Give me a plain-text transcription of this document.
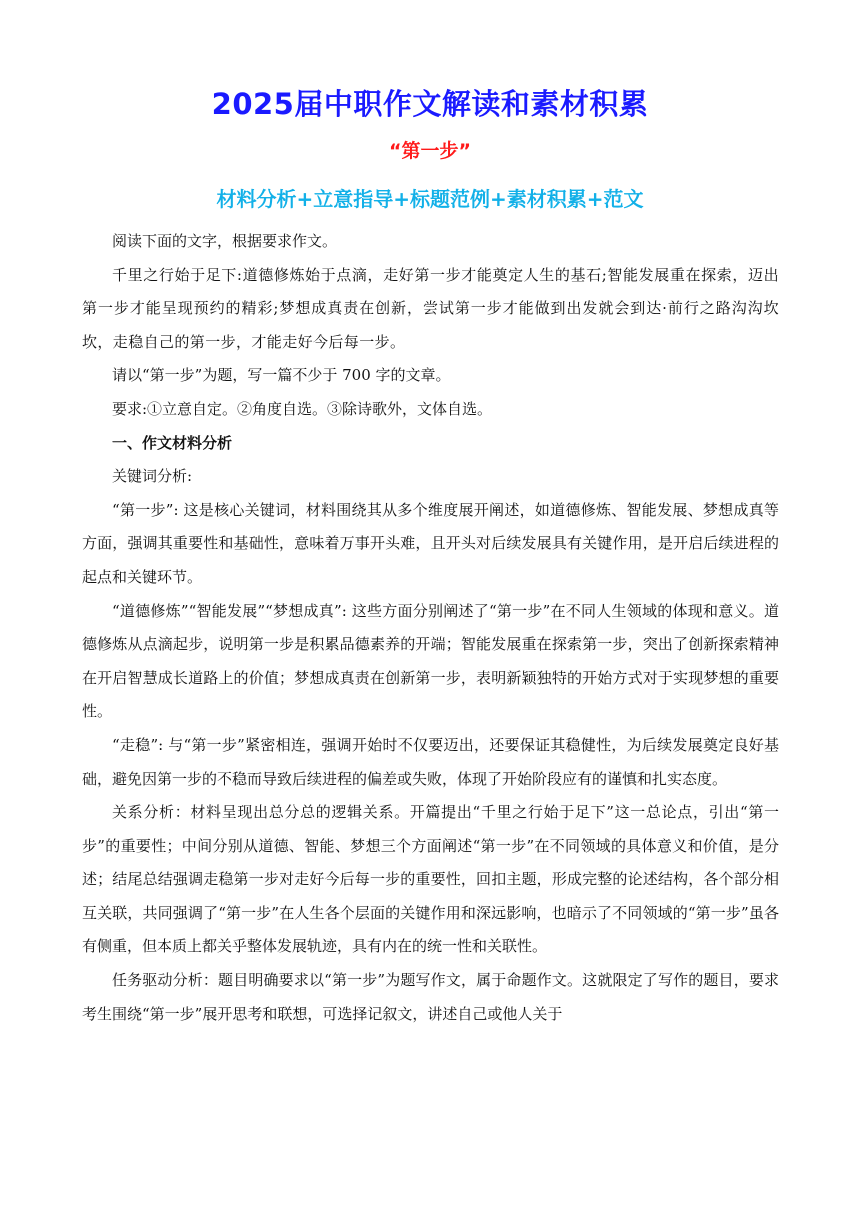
2025届中职作文解读和素材积累
“第一步”
材料分析+立意指导+标题范例+素材积累+范文

阅读下面的文字，根据要求作文。

千里之行始于足下:道德修炼始于点滴，走好第一步才能奠定人生的基石;智能发展重在探索，迈出第一步才能呈现预约的精彩;梦想成真责在创新，尝试第一步才能做到出发就会到达·前行之路沟沟坎坎，走稳自己的第一步，才能走好今后每一步。

请以“第一步”为题，写一篇不少于 700 字的文章。

要求:①立意自定。②角度自选。③除诗歌外，文体自选。

一、作文材料分析

关键词分析:

“第一步”: 这是核心关键词，材料围绕其从多个维度展开阐述，如道德修炼、智能发展、梦想成真等方面，强调其重要性和基础性，意味着万事开头难，且开头对后续发展具有关键作用，是开启后续进程的起点和关键环节。

“道德修炼”“智能发展”“梦想成真”: 这些方面分别阐述了“第一步”在不同人生领域的体现和意义。道德修炼从点滴起步，说明第一步是积累品德素养的开端；智能发展重在探索第一步，突出了创新探索精神在开启智慧成长道路上的价值；梦想成真责在创新第一步，表明新颖独特的开始方式对于实现梦想的重要性。

“走稳”: 与“第一步”紧密相连，强调开始时不仅要迈出，还要保证其稳健性，为后续发展奠定良好基础，避免因第一步的不稳而导致后续进程的偏差或失败，体现了开始阶段应有的谨慎和扎实态度。

关系分析：材料呈现出总分总的逻辑关系。开篇提出“千里之行始于足下”这一总论点，引出“第一步”的重要性；中间分别从道德、智能、梦想三个方面阐述“第一步”在不同领域的具体意义和价值，是分述；结尾总结强调走稳第一步对走好今后每一步的重要性，回扣主题，形成完整的论述结构，各个部分相互关联，共同强调了“第一步”在人生各个层面的关键作用和深远影响，也暗示了不同领域的“第一步”虽各有侧重，但本质上都关乎整体发展轨迹，具有内在的统一性和关联性。

任务驱动分析：题目明确要求以“第一步”为题写作文，属于命题作文。这就限定了写作的题目，要求考生围绕“第一步”展开思考和联想，可选择记叙文，讲述自己或他人关于
